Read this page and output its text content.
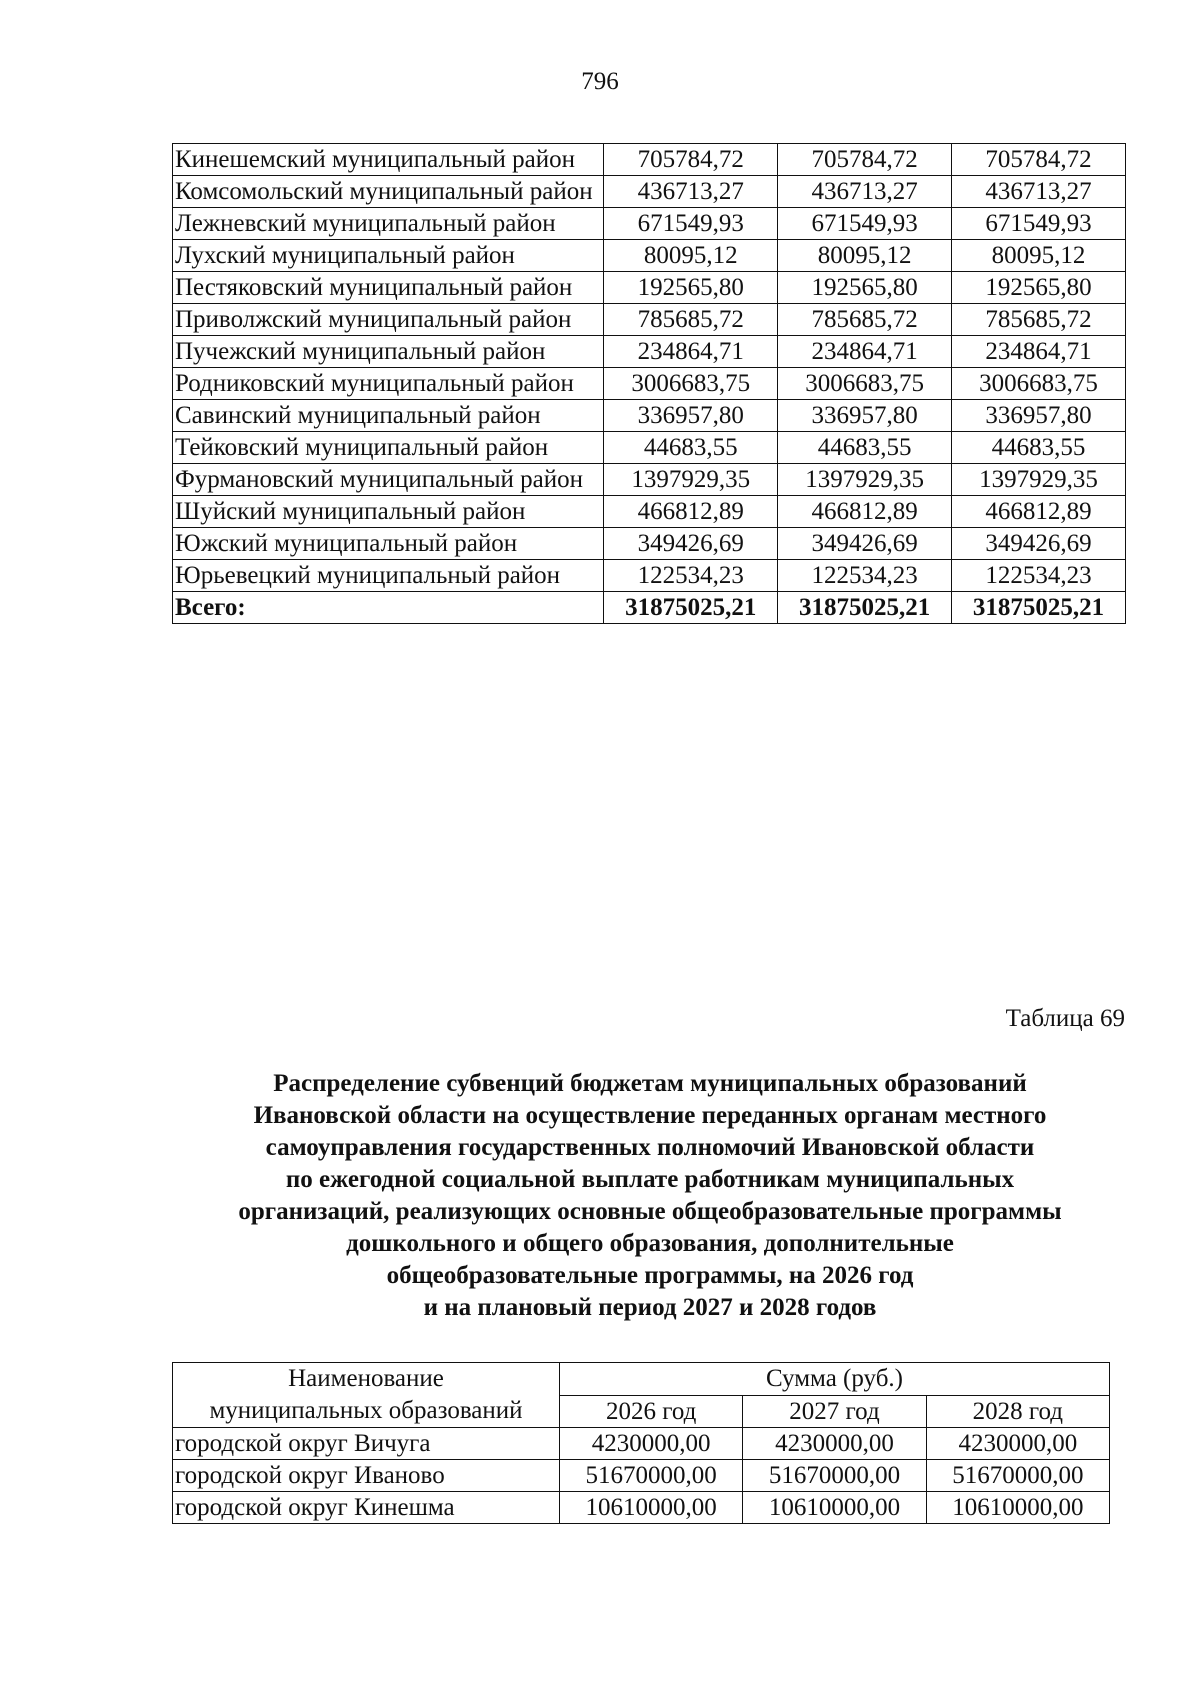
796
Кинешемский муниципальный район	705784,72	705784,72	705784,72
Комсомольский муниципальный район	436713,27	436713,27	436713,27
Лежневский муниципальный район	671549,93	671549,93	671549,93
Лухский муниципальный район	80095,12	80095,12	80095,12
Пестяковский муниципальный район	192565,80	192565,80	192565,80
Приволжский муниципальный район	785685,72	785685,72	785685,72
Пучежский муниципальный район	234864,71	234864,71	234864,71
Родниковский муниципальный район	3006683,75	3006683,75	3006683,75
Савинский муниципальный район	336957,80	336957,80	336957,80
Тейковский муниципальный район	44683,55	44683,55	44683,55
Фурмановский муниципальный район	1397929,35	1397929,35	1397929,35
Шуйский муниципальный район	466812,89	466812,89	466812,89
Южский муниципальный район	349426,69	349426,69	349426,69
Юрьевецкий муниципальный район	122534,23	122534,23	122534,23
Всего:	31875025,21	31875025,21	31875025,21
Таблица 69
Распределение субвенций бюджетам муниципальных образований
Ивановской области на осуществление переданных органам местного
самоуправления государственных полномочий Ивановской области
по ежегодной социальной выплате работникам муниципальных
организаций, реализующих основные общеобразовательные программы
дошкольного и общего образования, дополнительные
общеобразовательные программы, на 2026 год
и на плановый период 2027 и 2028 годов
Наименование
муниципальных образований	Сумма (руб.)		
	2026 год	2027 год	2028 год
городской округ Вичуга	4230000,00	4230000,00	4230000,00
городской округ Иваново	51670000,00	51670000,00	51670000,00
городской округ Кинешма	10610000,00	10610000,00	10610000,00
